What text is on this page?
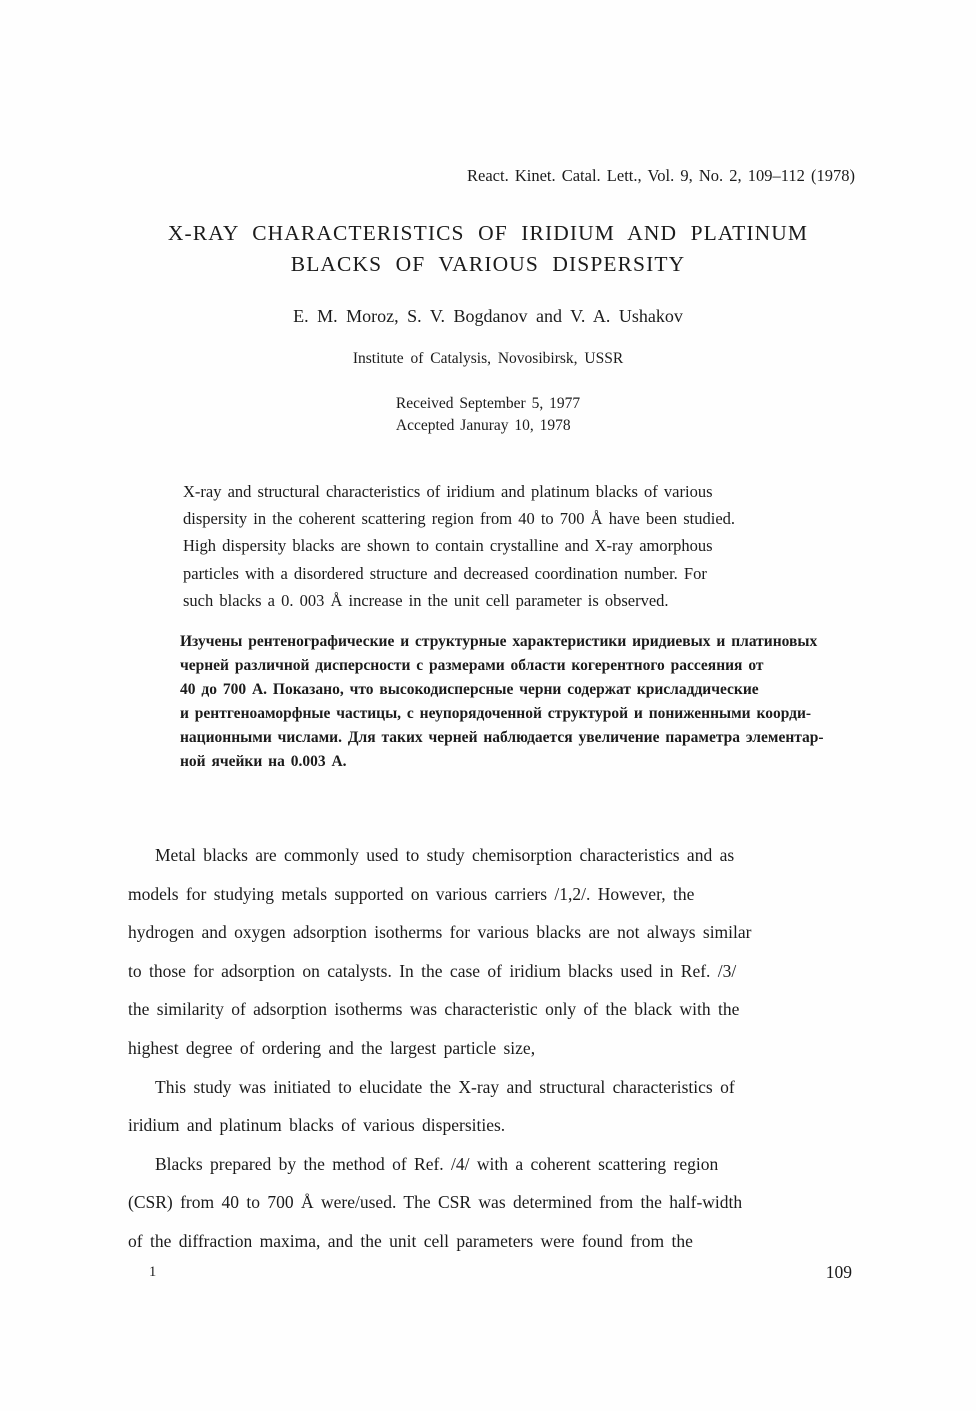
React. Kinet. Catal. Lett., Vol. 9, No. 2, 109–112 (1978)
X-RAY CHARACTERISTICS OF IRIDIUM AND PLATINUM
BLACKS OF VARIOUS DISPERSITY
E. M. Moroz, S. V. Bogdanov and V. A. Ushakov
Institute of Catalysis, Novosibirsk, USSR
Received September 5, 1977
Accepted Januray 10, 1978
X-ray and structural characteristics of iridium and platinum blacks of various
dispersity in the coherent scattering region from 40 to 700 Å have been studied.
High dispersity blacks are shown to contain crystalline and X-ray amorphous
particles with a disordered structure and decreased coordination number. For
such blacks a 0. 003 Å increase in the unit cell parameter is observed.
Изучены рентенографические и структурные характеристики иридиевых и платиновых
черней различной дисперсности с размерами области когерентного рассеяния от
40 до 700 А. Показано, что высокодисперсные черни содержат крисладдические
и рентгеноаморфные частицы, с неупорядоченной структурой и пониженными коорди-
национными числами. Для таких черней наблюдается увеличение параметра элементар-
ной ячейки на 0.003 А.
Metal blacks are commonly used to study chemisorption characteristics and as
models for studying metals supported on various carriers /1,2/. However, the
hydrogen and oxygen adsorption isotherms for various blacks are not always similar
to those for adsorption on catalysts. In the case of iridium blacks used in Ref. /3/
the similarity of adsorption isotherms was characteristic only of the black with the
highest degree of ordering and the largest particle size,
This study was initiated to elucidate the X-ray and structural characteristics of
iridium and platinum blacks of various dispersities.
Blacks prepared by the method of Ref. /4/ with a coherent scattering region
(CSR) from 40 to 700 Å were/used. The CSR was determined from the half-width
of the diffraction maxima, and the unit cell parameters were found from the
1	109
